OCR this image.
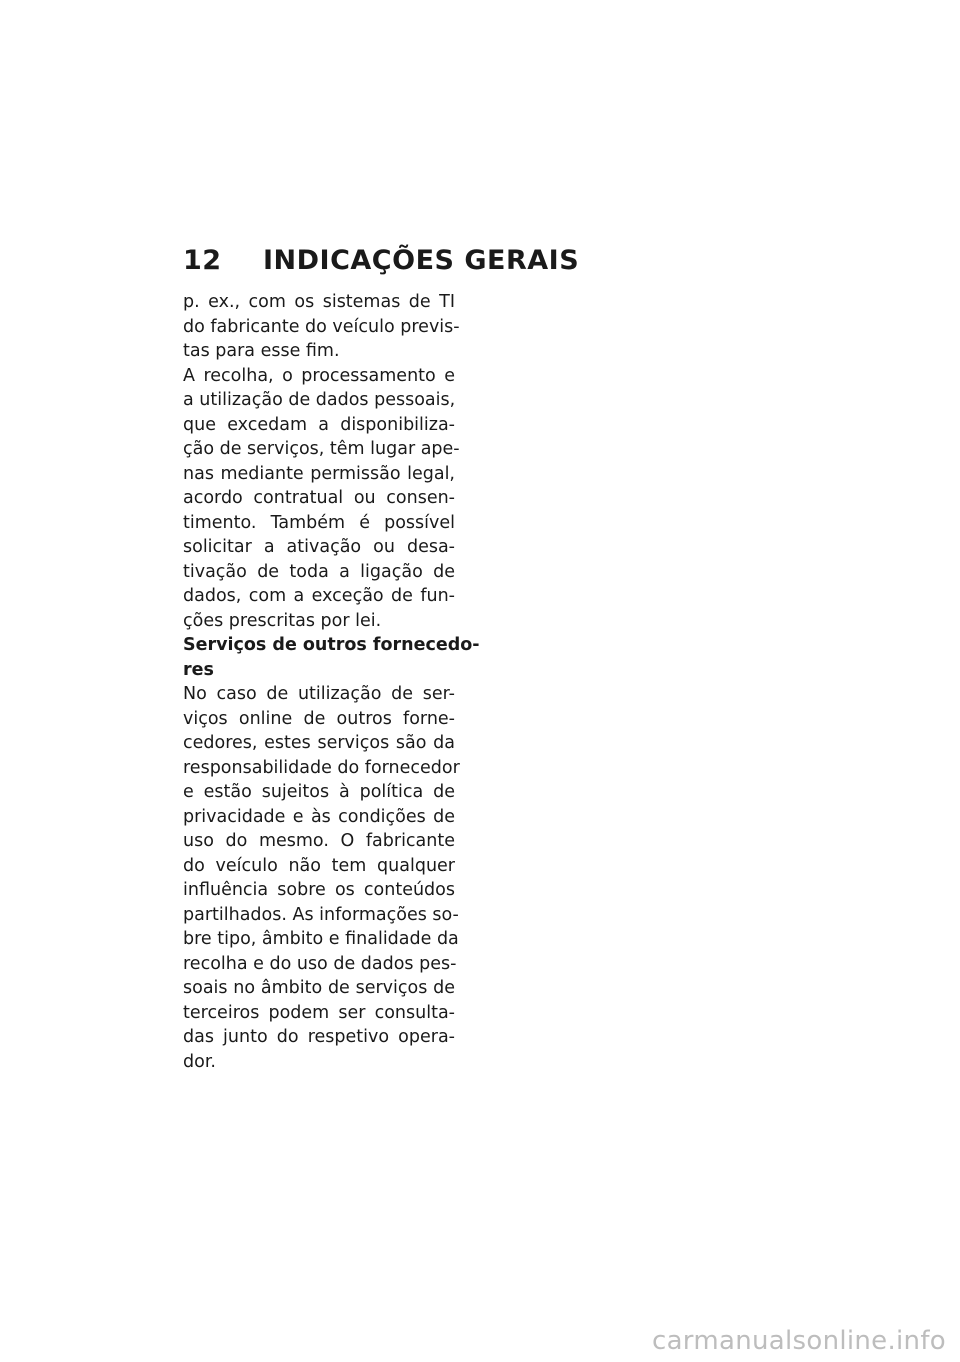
12	INDICAÇÕES GERAIS
p. ex., com os sistemas de TI
do fabricante do veículo previs-
tas para esse fim.
A recolha, o processamento e
a utilização de dados pessoais,
que excedam a disponibiliza-
ção de serviços, têm lugar ape-
nas mediante permissão legal,
acordo contratual ou consen-
timento. Também é possível
solicitar a ativação ou desa-
tivação de toda a ligação de
dados, com a exceção de fun-
ções prescritas por lei.
Serviços de outros fornecedo-
res
No caso de utilização de ser-
viços online de outros forne-
cedores, estes serviços são da
responsabilidade do fornecedor
e estão sujeitos à política de
privacidade e às condições de
uso do mesmo. O fabricante
do veículo não tem qualquer
influência sobre os conteúdos
partilhados. As informações so-
bre tipo, âmbito e finalidade da
recolha e do uso de dados pes-
soais no âmbito de serviços de
terceiros podem ser consulta-
das junto do respetivo opera-
dor.
carmanualsonline.info
